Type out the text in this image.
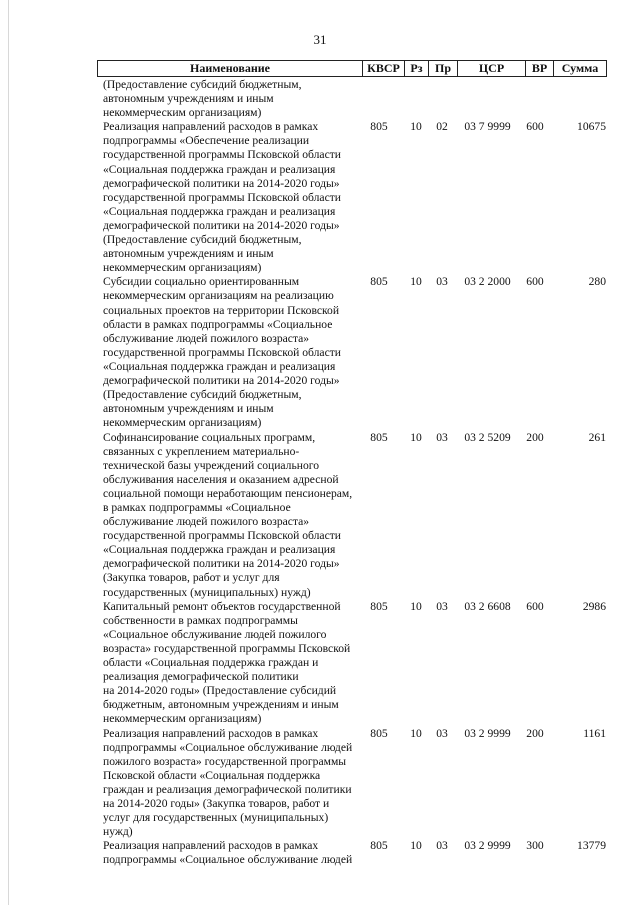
31
Наименование	КВСР Рз	Пр	ЦСР	ВР	Сумма
(Предоставление субсидий бюджетным,
автономным учреждениям и иным
некоммерческим организациям)
Реализация направлений расходов в рамках
подпрограммы «Обеспечение реализации
государственной программы Псковской области
«Социальная поддержка граждан и реализация
демографической политики на 2014-2020 годы»
государственной программы Псковской области
«Социальная поддержка граждан и реализация
демографической политики на 2014-2020 годы»
(Предоставление субсидий бюджетным,
автономным учреждениям и иным
некоммерческим организациям)
805	10	02	03 7 9999	600	10675
Субсидии социально ориентированным
некоммерческим организациям на реализацию
социальных проектов на территории Псковской
области в рамках подпрограммы «Социальное
обслуживание людей пожилого возраста»
государственной программы Псковской области
«Социальная поддержка граждан и реализация
демографической политики на 2014-2020 годы»
(Предоставление субсидий бюджетным,
автономным учреждениям и иным
некоммерческим организациям)
805	10	03	03 2 2000	600	280
Софинансирование социальных программ,
связанных с укреплением материально-
технической базы учреждений социального
обслуживания населения и оказанием адресной
социальной помощи неработающим пенсионерам,
в рамках подпрограммы «Социальное
обслуживание людей пожилого возраста»
государственной программы Псковской области
«Социальная поддержка граждан и реализация
демографической политики на 2014-2020 годы»
(Закупка товаров, работ и услуг для
государственных (муниципальных) нужд)
805	10	03	03 2 5209	200	261
Капитальный ремонт объектов государственной
собственности в рамках подпрограммы
«Социальное обслуживание людей пожилого
возраста» государственной программы Псковской
области «Социальная поддержка граждан и
реализация демографической политики
на 2014-2020 годы» (Предоставление субсидий
бюджетным, автономным учреждениям и иным
некоммерческим организациям)
805	10	03	03 2 6608	600	2986
Реализация направлений расходов в рамках
подпрограммы «Социальное обслуживание людей
пожилого возраста» государственной программы
Псковской области «Социальная поддержка
граждан и реализация демографической политики
на 2014-2020 годы» (Закупка товаров, работ и
услуг для государственных (муниципальных)
нужд)
805	10	03	03 2 9999	200	1161
Реализация направлений расходов в рамках
подпрограммы «Социальное обслуживание людей
805	10	03	03 2 9999	300	13779
